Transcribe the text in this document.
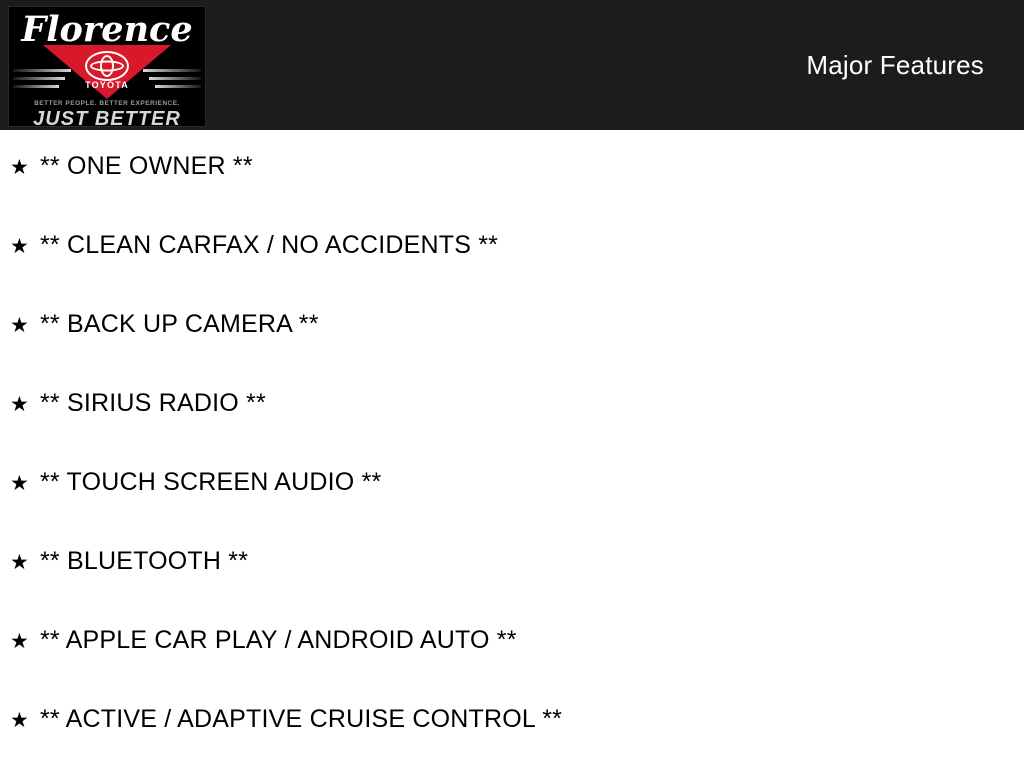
Florence
TOYOTA
BETTER PEOPLE. BETTER EXPERIENCE.
JUST BETTER
Major Features
★ ** ONE OWNER **
★ ** CLEAN CARFAX / NO ACCIDENTS **
★ ** BACK UP CAMERA **
★ ** SIRIUS RADIO **
★ ** TOUCH SCREEN AUDIO **
★ ** BLUETOOTH **
★ ** APPLE CAR PLAY / ANDROID AUTO **
★ ** ACTIVE / ADAPTIVE CRUISE CONTROL **
